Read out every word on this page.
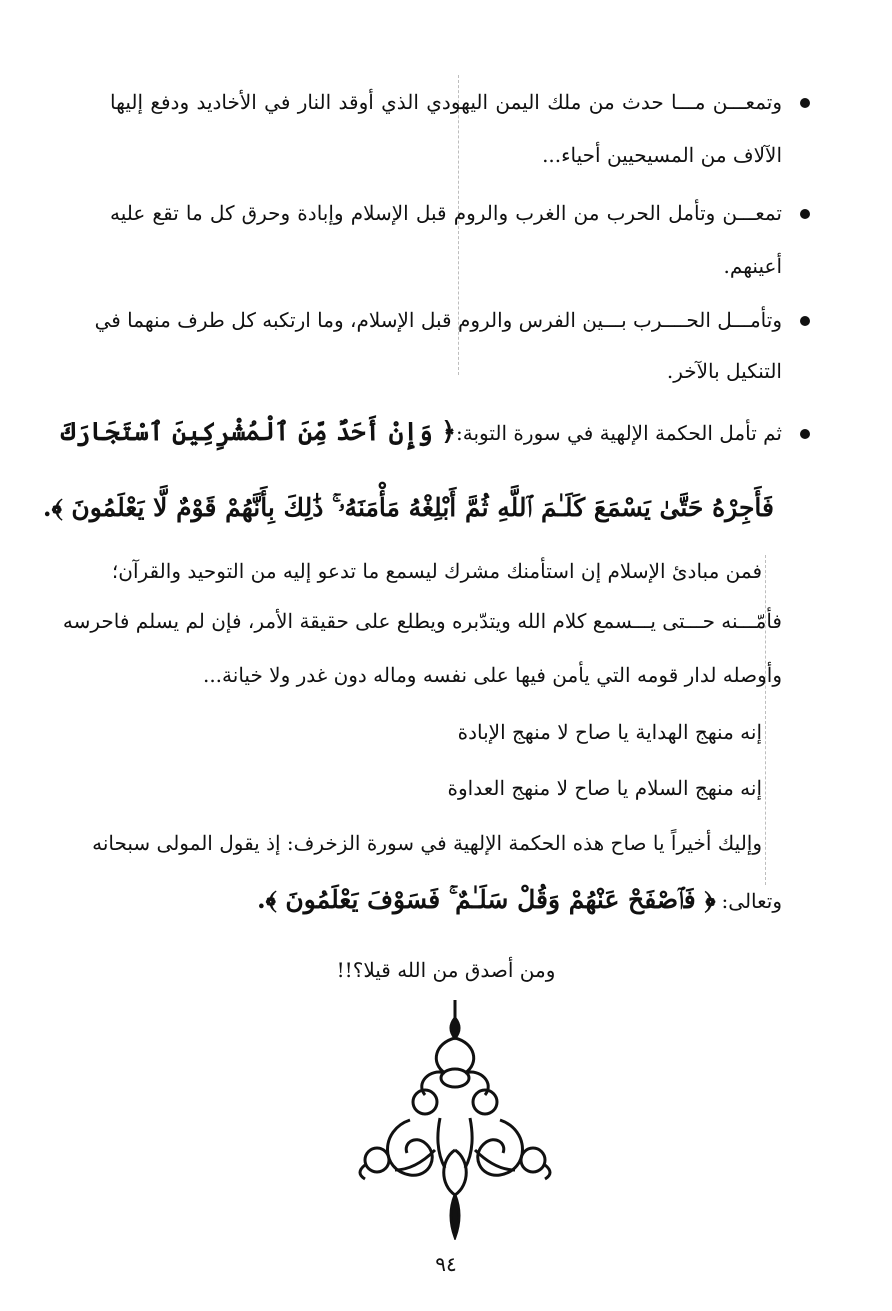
وتمعـــن مـــا حدث من ملك اليمن اليهودي الذي أوقد النار في الأخاديد ودفع إليها
الآلاف من المسيحيين أحياء...
تمعـــن وتأمل الحرب من الغرب والروم قبل الإسلام وإبادة وحرق كل ما تقع عليه
أعينهم.
وتأمـــل الحــــرب بـــين الفرس والروم قبل الإسلام، وما ارتكبه كل طرف منهما في
التنكيل بالآخر.
ثم تأمل الحكمة الإلهية في سورة التوبة:
﴿ وَإِنْ أَحَدٌ مِّنَ ٱلْمُشْرِكِينَ ٱسْتَجَارَكَ
فَأَجِرْهُ حَتَّىٰ يَسْمَعَ كَلَـٰمَ ٱللَّهِ ثُمَّ أَبْلِغْهُ مَأْمَنَهُۥ ۚ ذَٰلِكَ بِأَنَّهُمْ قَوْمٌ لَّا يَعْلَمُونَ ﴾.
فمن مبادئ الإسلام إن استأمنك مشرك ليسمع ما تدعو إليه من التوحيد والقرآن؛
فأمّـــنه حـــتى يـــسمع كلام الله ويتدّبره ويطلع على حقيقة الأمر، فإن لم يسلم فاحرسه
وأوصله لدار قومه التي يأمن فيها على نفسه وماله دون غدر ولا خيانة...
إنه منهج الهداية يا صاح لا منهج الإبادة
إنه منهج السلام يا صاح لا منهج العداوة
وإليك أخيراً يا صاح هذه الحكمة الإلهية في سورة الزخرف: إذ يقول المولى سبحانه
وتعالى:
﴿ فَٱصْفَحْ عَنْهُمْ وَقُلْ سَلَـٰمٌ ۚ فَسَوْفَ يَعْلَمُونَ ﴾.
ومن أصدق من الله قيلا؟!!
٩٤
